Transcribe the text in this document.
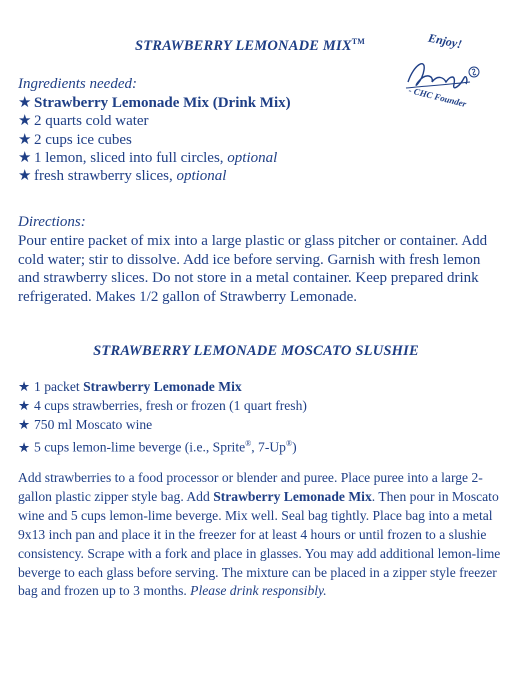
STRAWBERRY LEMONADE MIX™	Enjoy!
- CHC Founder
Ingredients needed:
★ Strawberry Lemonade Mix (Drink Mix)
★ 2 quarts cold water
★ 2 cups ice cubes
★ 1 lemon, sliced into full circles, optional
★ fresh strawberry slices, optional
Directions:

Pour entire packet of mix into a large plastic or glass pitcher or container. Add cold water; stir to dissolve. Add ice before serving. Garnish with fresh lemon and strawberry slices. Do not store in a metal container. Keep prepared drink refrigerated. Makes 1/2 gallon of Strawberry Lemonade.

STRAWBERRY LEMONADE MOSCATO SLUSHIE
★ 1 packet Strawberry Lemonade Mix
★ 4 cups strawberries, fresh or frozen (1 quart fresh)
★ 750 ml Moscato wine
★ 5 cups lemon-lime beverge (i.e., Sprite®, 7-Up®)

Add strawberries to a food processor or blender and puree. Place puree into a large 2-gallon plastic zipper style bag. Add Strawberry Lemonade Mix. Then pour in Moscato wine and 5 cups lemon-lime beverge. Mix well. Seal bag tightly. Place bag into a metal 9x13 inch pan and place it in the freezer for at least 4 hours or until frozen to a slushie consistency. Scrape with a fork and place in glasses. You may add additional lemon-lime beverge to each glass before serving. The mixture can be placed in a zipper style freezer bag and frozen up to 3 months. Please drink responsibly.
